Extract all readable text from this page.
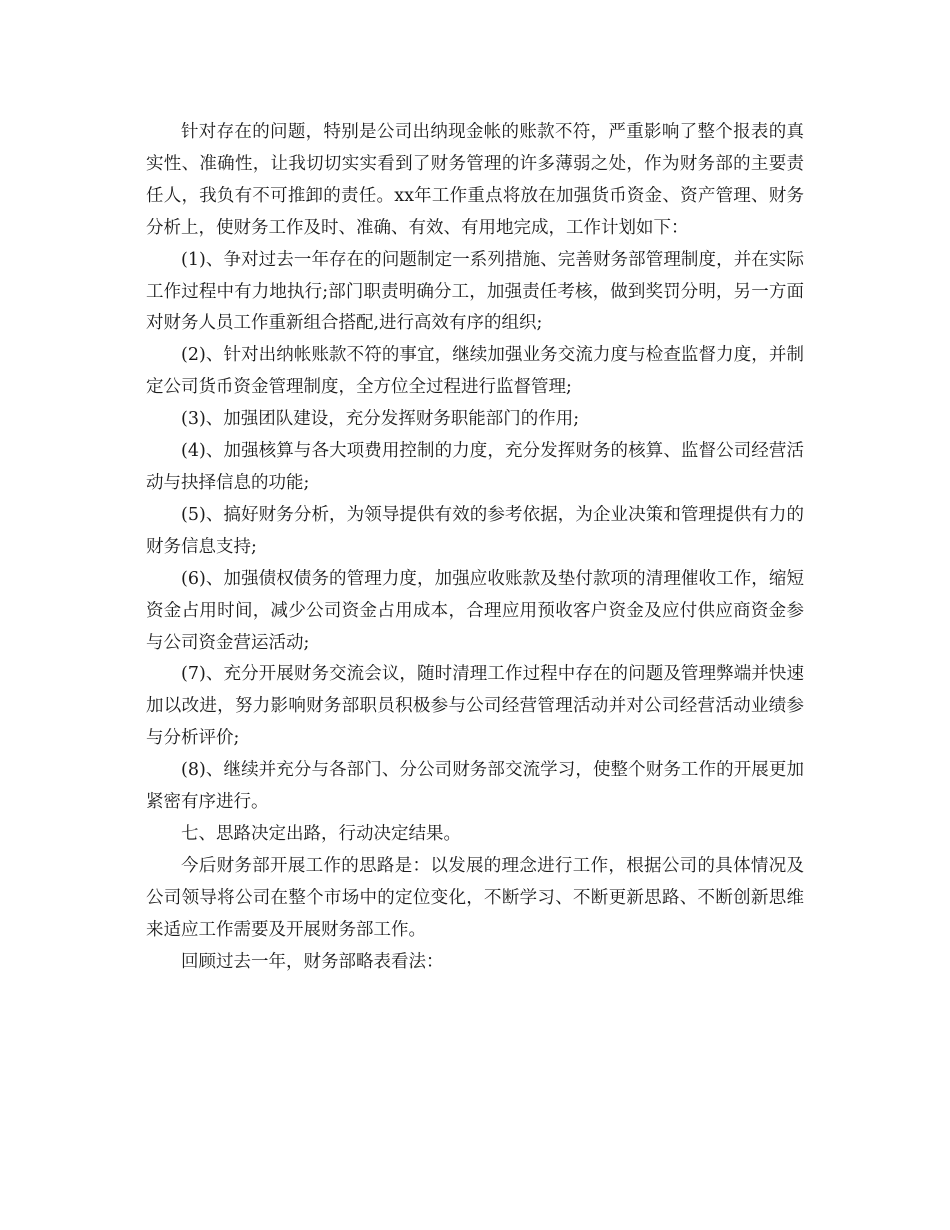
针对存在的问题，特别是公司出纳现金帐的账款不符，严重影响了整个报表的真实性、准确性，让我切切实实看到了财务管理的许多薄弱之处，作为财务部的主要责任人，我负有不可推卸的责任。xx年工作重点将放在加强货币资金、资产管理、财务分析上，使财务工作及时、准确、有效、有用地完成，工作计划如下：

(1)、争对过去一年存在的问题制定一系列措施、完善财务部管理制度，并在实际工作过程中有力地执行;部门职责明确分工，加强责任考核，做到奖罚分明，另一方面对财务人员工作重新组合搭配,进行高效有序的组织;

(2)、针对出纳帐账款不符的事宜，继续加强业务交流力度与检查监督力度，并制定公司货币资金管理制度，全方位全过程进行监督管理;

(3)、加强团队建设，充分发挥财务职能部门的作用;

(4)、加强核算与各大项费用控制的力度，充分发挥财务的核算、监督公司经营活动与抉择信息的功能;

(5)、搞好财务分析，为领导提供有效的参考依据，为企业决策和管理提供有力的财务信息支持;

(6)、加强债权债务的管理力度，加强应收账款及垫付款项的清理催收工作，缩短资金占用时间，减少公司资金占用成本，合理应用预收客户资金及应付供应商资金参与公司资金营运活动;

(7)、充分开展财务交流会议，随时清理工作过程中存在的问题及管理弊端并快速加以改进，努力影响财务部职员积极参与公司经营管理活动并对公司经营活动业绩参与分析评价;

(8)、继续并充分与各部门、分公司财务部交流学习，使整个财务工作的开展更加紧密有序进行。

七、思路决定出路，行动决定结果。

今后财务部开展工作的思路是：以发展的理念进行工作，根据公司的具体情况及公司领导将公司在整个市场中的定位变化，不断学习、不断更新思路、不断创新思维来适应工作需要及开展财务部工作。

回顾过去一年，财务部略表看法：
